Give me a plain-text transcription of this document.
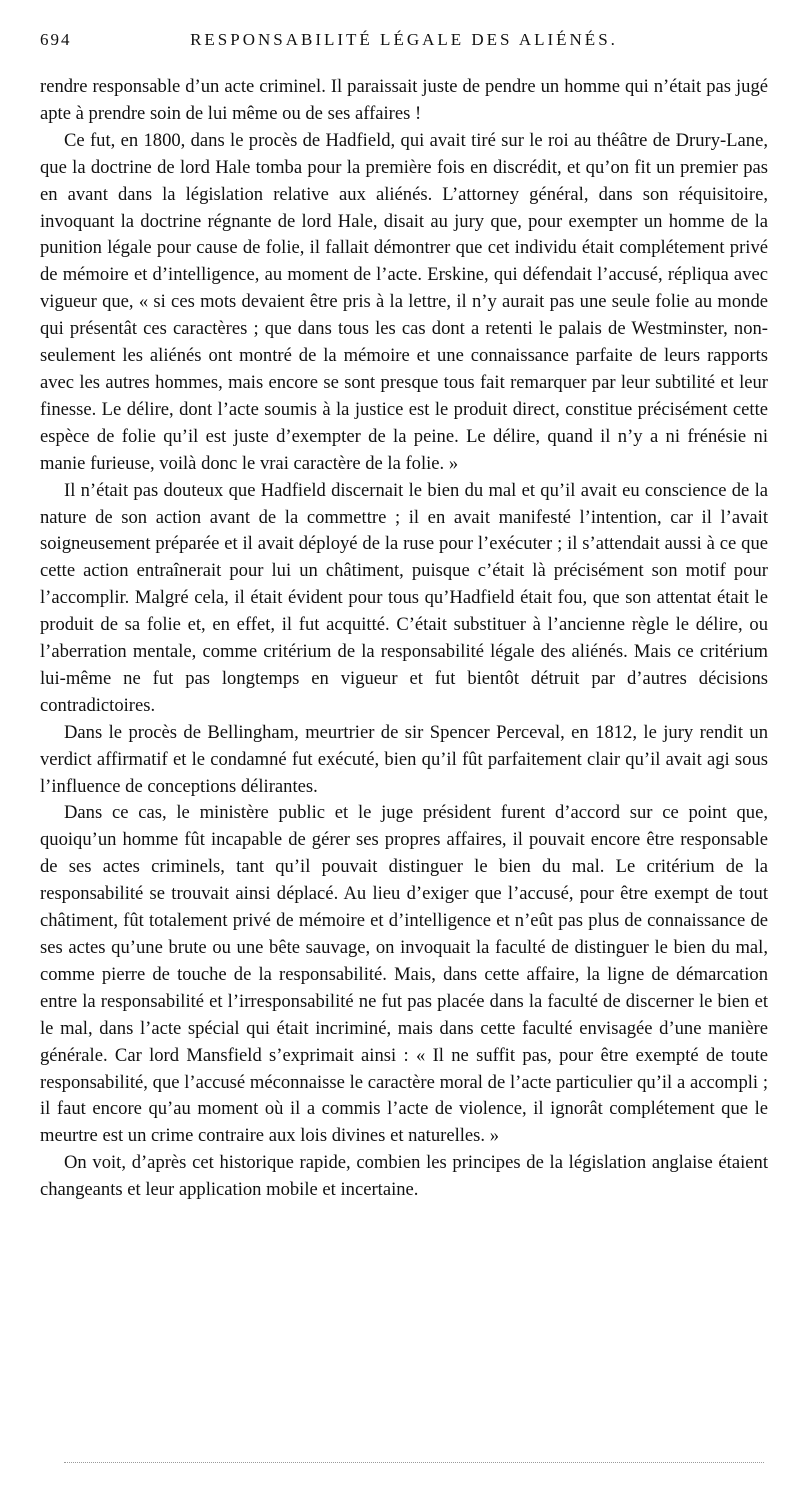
694	RESPONSABILITÉ LÉGALE DES ALIÉNÉS.

rendre responsable d’un acte criminel. Il paraissait juste de pendre un homme qui n’était pas jugé apte à prendre soin de lui même ou de ses affaires !

Ce fut, en 1800, dans le procès de Hadfield, qui avait tiré sur le roi au théâtre de Drury-Lane, que la doctrine de lord Hale tomba pour la première fois en discrédit, et qu’on fit un premier pas en avant dans la législation relative aux aliénés. L’attorney général, dans son réquisitoire, invoquant la doctrine régnante de lord Hale, disait au jury que, pour exempter un homme de la punition légale pour cause de folie, il fallait démontrer que cet individu était complétement privé de mémoire et d’intelligence, au moment de l’acte. Erskine, qui défendait l’accusé, répliqua avec vigueur que, « si ces mots devaient être pris à la lettre, il n’y aurait pas une seule folie au monde qui présentât ces caractères ; que dans tous les cas dont a retenti le palais de Westminster, non-seulement les aliénés ont montré de la mémoire et une connaissance parfaite de leurs rapports avec les autres hommes, mais encore se sont presque tous fait remarquer par leur subtilité et leur finesse. Le délire, dont l’acte soumis à la justice est le produit direct, constitue précisément cette espèce de folie qu’il est juste d’exempter de la peine. Le délire, quand il n’y a ni frénésie ni manie furieuse, voilà donc le vrai caractère de la folie. »

Il n’était pas douteux que Hadfield discernait le bien du mal et qu’il avait eu conscience de la nature de son action avant de la commettre ; il en avait manifesté l’intention, car il l’avait soigneusement préparée et il avait déployé de la ruse pour l’exécuter ; il s’attendait aussi à ce que cette action entraînerait pour lui un châtiment, puisque c’était là précisément son motif pour l’accomplir. Malgré cela, il était évident pour tous qu’Hadfield était fou, que son attentat était le produit de sa folie et, en effet, il fut acquitté. C’était substituer à l’ancienne règle le délire, ou l’aberration mentale, comme critérium de la responsabilité légale des aliénés. Mais ce critérium lui-même ne fut pas longtemps en vigueur et fut bientôt détruit par d’autres décisions contradictoires.

Dans le procès de Bellingham, meurtrier de sir Spencer Perceval, en 1812, le jury rendit un verdict affirmatif et le condamné fut exécuté, bien qu’il fût parfaitement clair qu’il avait agi sous l’influence de conceptions délirantes.

Dans ce cas, le ministère public et le juge président furent d’accord sur ce point que, quoiqu’un homme fût incapable de gérer ses propres affaires, il pouvait encore être responsable de ses actes criminels, tant qu’il pouvait distinguer le bien du mal. Le critérium de la responsabilité se trouvait ainsi déplacé. Au lieu d’exiger que l’accusé, pour être exempt de tout châtiment, fût totalement privé de mémoire et d’intelligence et n’eût pas plus de connaissance de ses actes qu’une brute ou une bête sauvage, on invoquait la faculté de distinguer le bien du mal, comme pierre de touche de la responsabilité. Mais, dans cette affaire, la ligne de démarcation entre la responsabilité et l’irresponsabilité ne fut pas placée dans la faculté de discerner le bien et le mal, dans l’acte spécial qui était incriminé, mais dans cette faculté envisagée d’une manière générale. Car lord Mansfield s’exprimait ainsi : « Il ne suffit pas, pour être exempté de toute responsabilité, que l’accusé méconnaisse le caractère moral de l’acte particulier qu’il a accompli ; il faut encore qu’au moment où il a commis l’acte de violence, il ignorât complétement que le meurtre est un crime contraire aux lois divines et naturelles. »

On voit, d’après cet historique rapide, combien les principes de la législation anglaise étaient changeants et leur application mobile et incertaine.
